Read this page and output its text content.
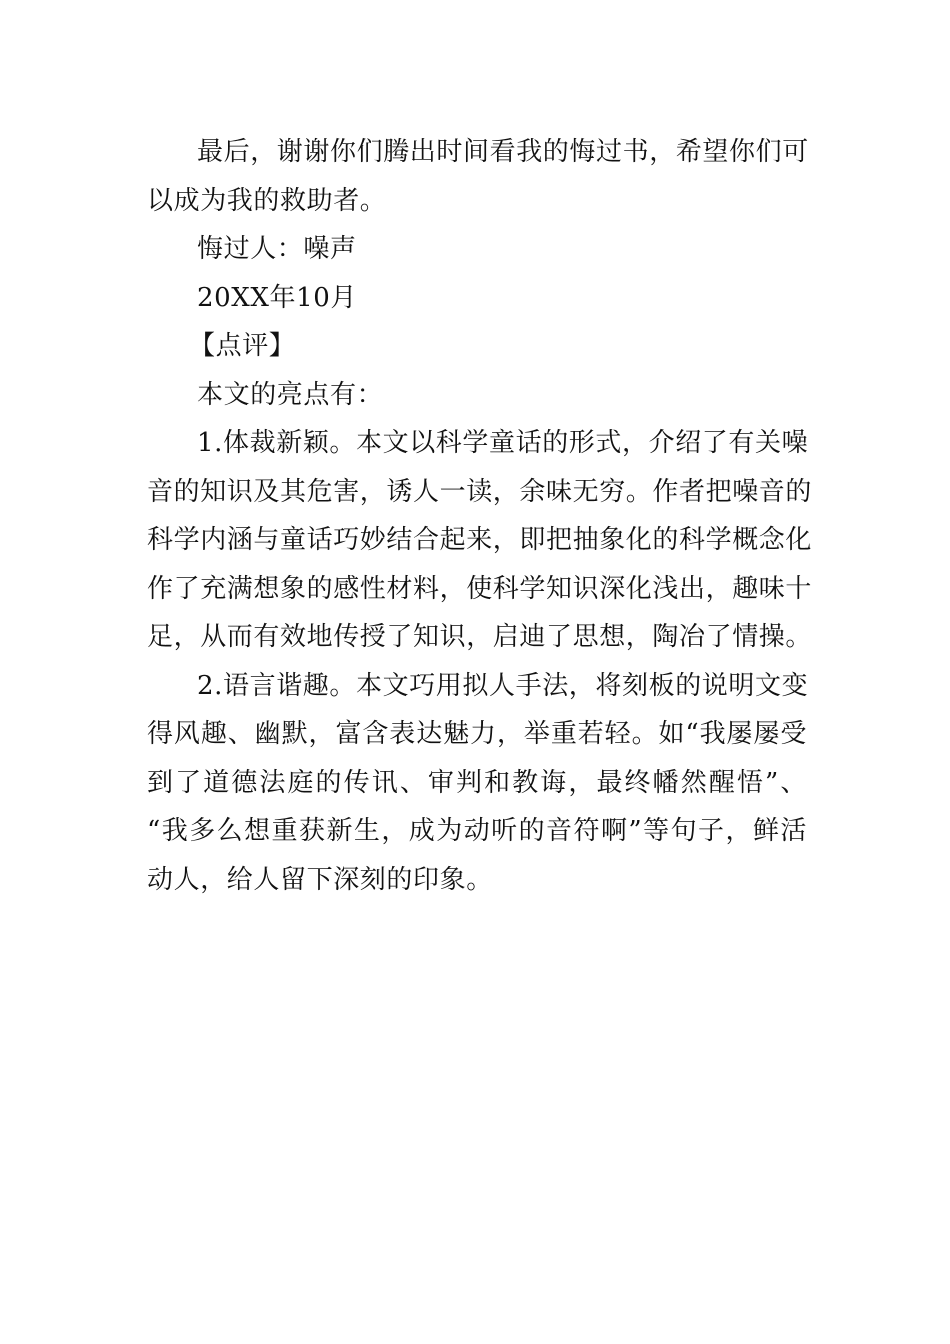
最后，谢谢你们腾出时间看我的悔过书，希望你们可

以成为我的救助者。

悔过人：噪声

20XX年10月

【点评】

本文的亮点有：

1.体裁新颖。本文以科学童话的形式，介绍了有关噪

音的知识及其危害，诱人一读，余味无穷。作者把噪音的

科学内涵与童话巧妙结合起来，即把抽象化的科学概念化

作了充满想象的感性材料，使科学知识深化浅出，趣味十

足，从而有效地传授了知识，启迪了思想，陶冶了情操。

2.语言谐趣。本文巧用拟人手法，将刻板的说明文变

得风趣、幽默，富含表达魅力，举重若轻。如“我屡屡受

到了道德法庭的传讯、审判和教诲，最终幡然醒悟”、

“我多么想重获新生，成为动听的音符啊”等句子，鲜活

动人，给人留下深刻的印象。
